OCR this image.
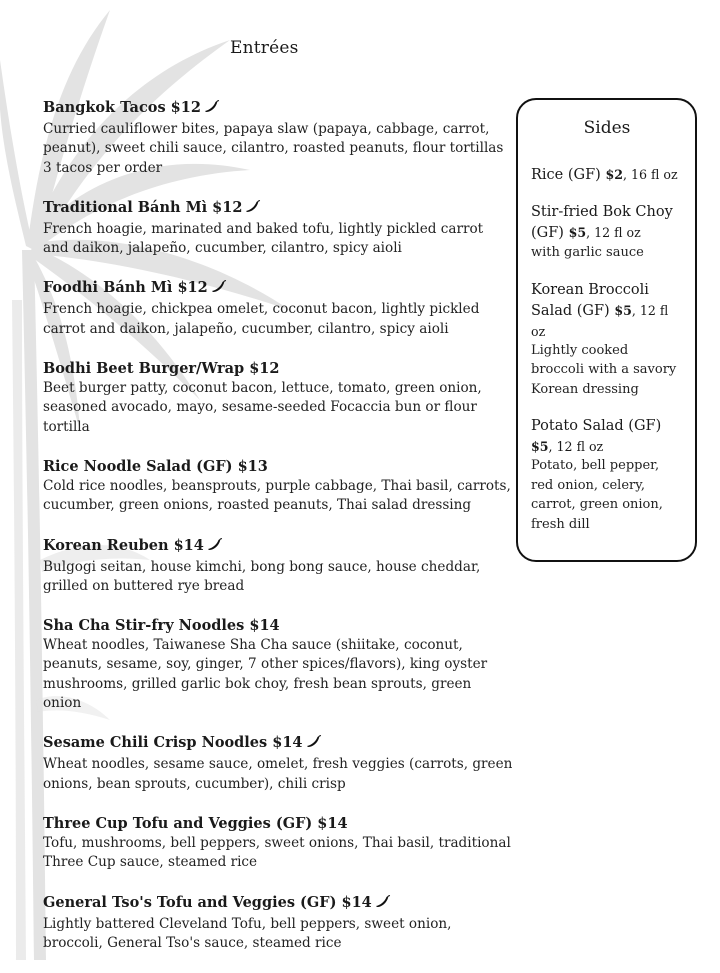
Entrées
Bangkok Tacos $12
Curried cauliflower bites, papaya slaw (papaya, cabbage, carrot, peanut), sweet chili sauce, cilantro, roasted peanuts, flour tortillas
3 tacos per order
Traditional Bánh Mì $12
French hoagie, marinated and baked tofu, lightly pickled carrot and daikon, jalapeño, cucumber, cilantro, spicy aioli
Foodhi Bánh Mì $12
French hoagie, chickpea omelet, coconut bacon, lightly pickled carrot and daikon, jalapeño, cucumber, cilantro, spicy aioli
Bodhi Beet Burger/Wrap $12
Beet burger patty, coconut bacon, lettuce, tomato, green onion, seasoned avocado, mayo, sesame-seeded Focaccia bun or flour tortilla
Rice Noodle Salad (GF) $13
Cold rice noodles, beansprouts, purple cabbage, Thai basil, carrots, cucumber, green onions, roasted peanuts, Thai salad dressing
Korean Reuben $14
Bulgogi seitan, house kimchi, bong bong sauce, house cheddar, grilled on buttered rye bread
Sha Cha Stir-fry Noodles $14
Wheat noodles, Taiwanese Sha Cha sauce (shiitake, coconut, peanuts, sesame, soy, ginger, 7 other spices/flavors), king oyster mushrooms, grilled garlic bok choy, fresh bean sprouts, green onion
Sesame Chili Crisp Noodles $14
Wheat noodles, sesame sauce, omelet, fresh veggies (carrots, green onions, bean sprouts, cucumber), chili crisp
Three Cup Tofu and Veggies (GF) $14
Tofu, mushrooms, bell peppers, sweet onions, Thai basil, traditional Three Cup sauce, steamed rice
General Tso's Tofu and Veggies (GF) $14
Lightly battered Cleveland Tofu, bell peppers, sweet onion, broccoli, General Tso's sauce, steamed rice
Sides
Rice (GF) $2, 16 fl oz
Stir-fried Bok Choy (GF) $5, 12 fl oz
with garlic sauce
Korean Broccoli Salad (GF) $5, 12 fl oz
Lightly cooked broccoli with a savory Korean dressing
Potato Salad (GF) $5, 12 fl oz
Potato, bell pepper, red onion, celery, carrot, green onion, fresh dill
